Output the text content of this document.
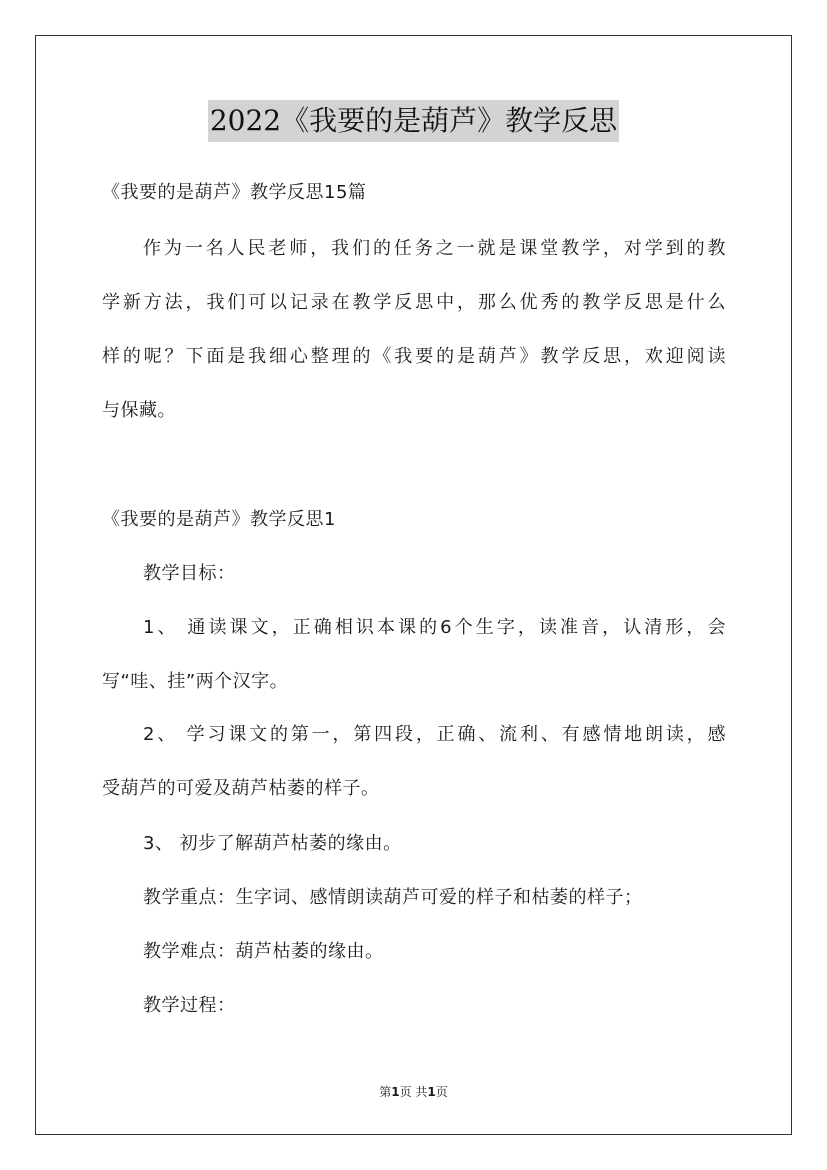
2022《我要的是葫芦》教学反思
《我要的是葫芦》教学反思15篇
作为一名人民老师，我们的任务之一就是课堂教学，对学到的教
学新方法，我们可以记录在教学反思中，那么优秀的教学反思是什么
样的呢？下面是我细心整理的《我要的是葫芦》教学反思，欢迎阅读
与保藏。
《我要的是葫芦》教学反思1
教学目标：
1、 通读课文，正确相识本课的6个生字，读准音，认清形，会
写“哇、挂”两个汉字。
2、 学习课文的第一，第四段，正确、流利、有感情地朗读，感
受葫芦的可爱及葫芦枯萎的样子。
3、 初步了解葫芦枯萎的缘由。
教学重点：生字词、感情朗读葫芦可爱的样子和枯萎的样子；
教学难点：葫芦枯萎的缘由。
教学过程：
第1页 共1页
